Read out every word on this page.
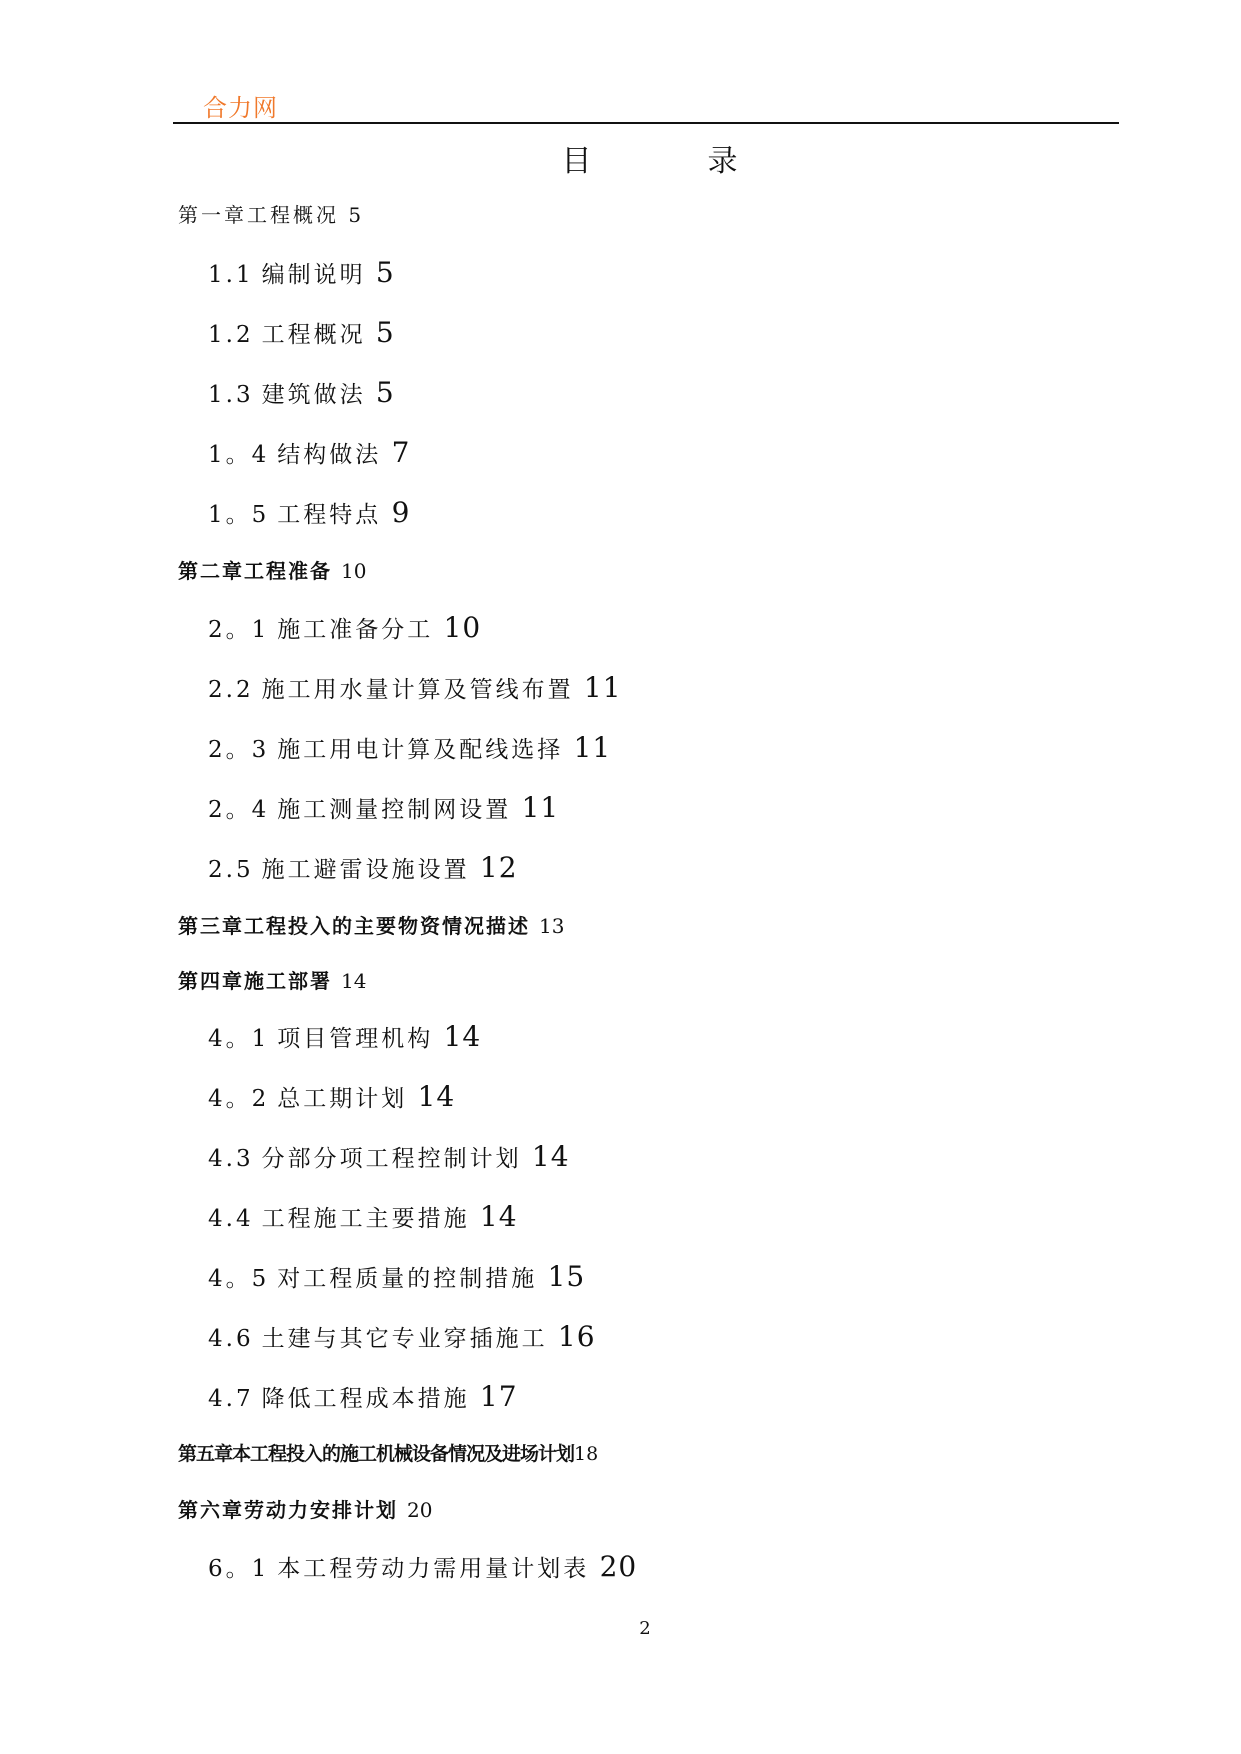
合力网
目 录
第一章工程概况 5
1.1 编制说明 5
1.2 工程概况 5
1.3 建筑做法 5
1。4 结构做法 7
1。5 工程特点 9
第二章工程准备 10
2。1 施工准备分工 10
2.2 施工用水量计算及管线布置 11
2。3 施工用电计算及配线选择 11
2。4 施工测量控制网设置 11
2.5 施工避雷设施设置 12
第三章工程投入的主要物资情况描述 13
第四章施工部署 14
4。1 项目管理机构 14
4。2 总工期计划 14
4.3 分部分项工程控制计划 14
4.4 工程施工主要措施 14
4。5 对工程质量的控制措施 15
4.6 土建与其它专业穿插施工 16
4.7 降低工程成本措施 17
第五章本工程投入的施工机械设备情况及进场计划18
第六章劳动力安排计划 20
6。1 本工程劳动力需用量计划表 20
2
